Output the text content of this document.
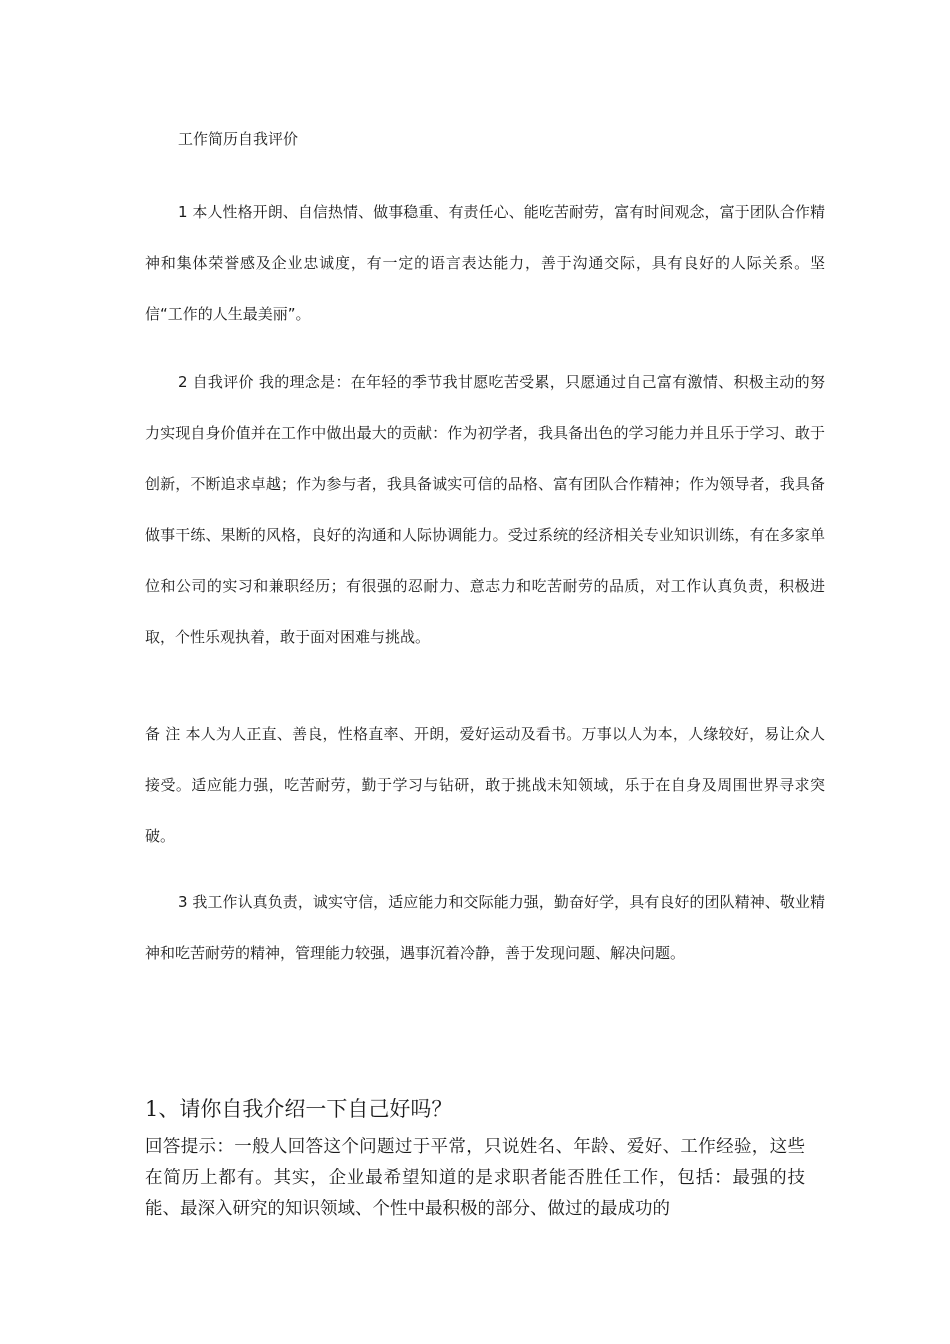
工作简历自我评价

1 本人性格开朗、自信热情、做事稳重、有责任心、能吃苦耐劳，富有时间观念，富于团队合作精神和集体荣誉感及企业忠诚度，有一定的语言表达能力，善于沟通交际，具有良好的人际关系。坚信“工作的人生最美丽”。

2 自我评价 我的理念是：在年轻的季节我甘愿吃苦受累，只愿通过自己富有激情、积极主动的努力实现自身价值并在工作中做出最大的贡献：作为初学者，我具备出色的学习能力并且乐于学习、敢于创新，不断追求卓越；作为参与者，我具备诚实可信的品格、富有团队合作精神；作为领导者，我具备做事干练、果断的风格，良好的沟通和人际协调能力。受过系统的经济相关专业知识训练，有在多家单位和公司的实习和兼职经历；有很强的忍耐力、意志力和吃苦耐劳的品质，对工作认真负责，积极进取，个性乐观执着，敢于面对困难与挑战。

备 注 本人为人正直、善良，性格直率、开朗，爱好运动及看书。万事以人为本，人缘较好，易让众人接受。适应能力强，吃苦耐劳，勤于学习与钻研，敢于挑战未知领域，乐于在自身及周围世界寻求突破。

3 我工作认真负责，诚实守信，适应能力和交际能力强，勤奋好学，具有良好的团队精神、敬业精神和吃苦耐劳的精神，管理能力较强，遇事沉着冷静，善于发现问题、解决问题。

1、请你自我介绍一下自己好吗？

回答提示：一般人回答这个问题过于平常，只说姓名、年龄、爱好、工作经验，这些在简历上都有。其实，企业最希望知道的是求职者能否胜任工作，包括：最强的技能、最深入研究的知识领域、个性中最积极的部分、做过的最成功的
